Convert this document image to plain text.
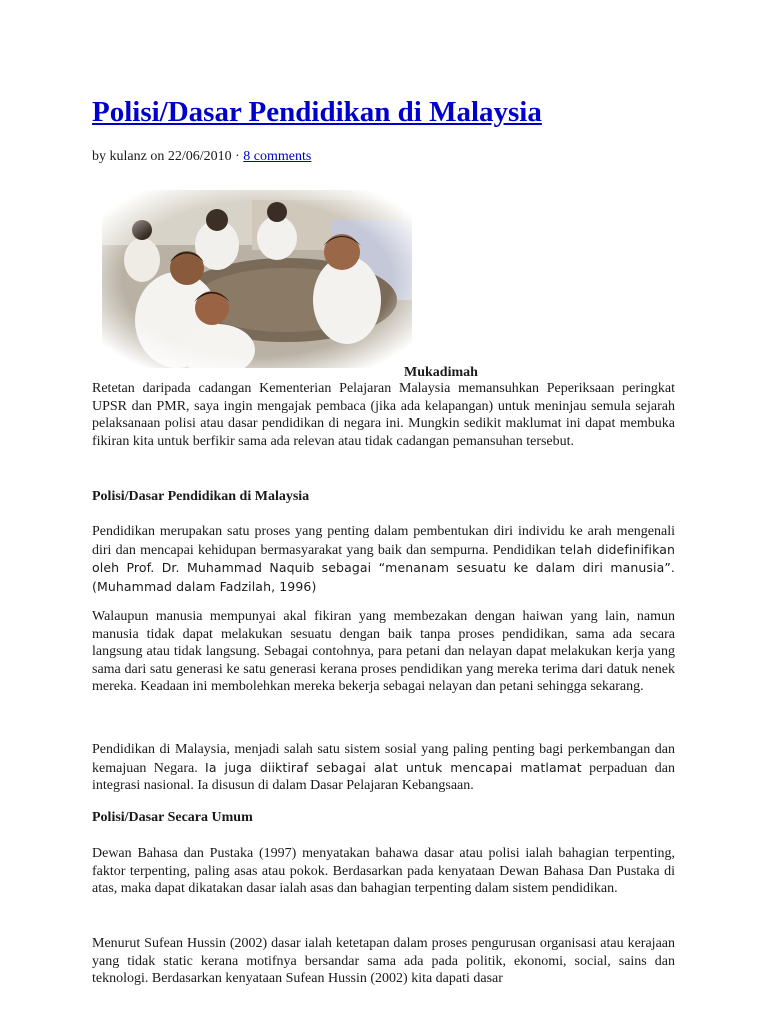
Polisi/Dasar Pendidikan di Malaysia
by kulanz on 22/06/2010 · 8 comments
Mukadimah

Retetan daripada cadangan Kementerian Pelajaran Malaysia memansuhkan Peperiksaan peringkat UPSR dan PMR, saya ingin mengajak pembaca (jika ada kelapangan) untuk meninjau semula sejarah pelaksanaan polisi atau dasar pendidikan di negara ini. Mungkin sedikit maklumat ini dapat membuka fikiran kita untuk berfikir sama ada relevan atau tidak cadangan pemansuhan tersebut.

Polisi/Dasar Pendidikan di Malaysia

Pendidikan merupakan satu proses yang penting dalam pembentukan diri individu ke arah mengenali diri dan mencapai kehidupan bermasyarakat yang baik dan sempurna. Pendidikan telah didefinifikan oleh Prof. Dr. Muhammad Naquib sebagai “menanam sesuatu ke dalam diri manusia”. (Muhammad dalam Fadzilah, 1996)

Walaupun manusia mempunyai akal fikiran yang membezakan dengan haiwan yang lain, namun manusia tidak dapat melakukan sesuatu dengan baik tanpa proses pendidikan, sama ada secara langsung atau tidak langsung. Sebagai contohnya, para petani dan nelayan dapat melakukan kerja yang sama dari satu generasi ke satu generasi kerana proses pendidikan yang mereka terima dari datuk nenek mereka. Keadaan ini membolehkan mereka bekerja sebagai nelayan dan petani sehingga sekarang.

Pendidikan di Malaysia, menjadi salah satu sistem sosial yang paling penting bagi perkembangan dan kemajuan Negara. Ia juga diiktiraf sebagai alat untuk mencapai matlamat perpaduan dan integrasi nasional. Ia disusun di dalam Dasar Pelajaran Kebangsaan.

Polisi/Dasar Secara Umum

Dewan Bahasa dan Pustaka (1997) menyatakan bahawa dasar atau polisi ialah bahagian terpenting, faktor terpenting, paling asas atau pokok. Berdasarkan pada kenyataan Dewan Bahasa Dan Pustaka di atas, maka dapat dikatakan dasar ialah asas dan bahagian terpenting dalam sistem pendidikan.

Menurut Sufean Hussin (2002) dasar ialah ketetapan dalam proses pengurusan organisasi atau kerajaan yang tidak static kerana motifnya bersandar sama ada pada politik, ekonomi, social, sains dan teknologi. Berdasarkan kenyataan Sufean Hussin (2002) kita dapati dasar
